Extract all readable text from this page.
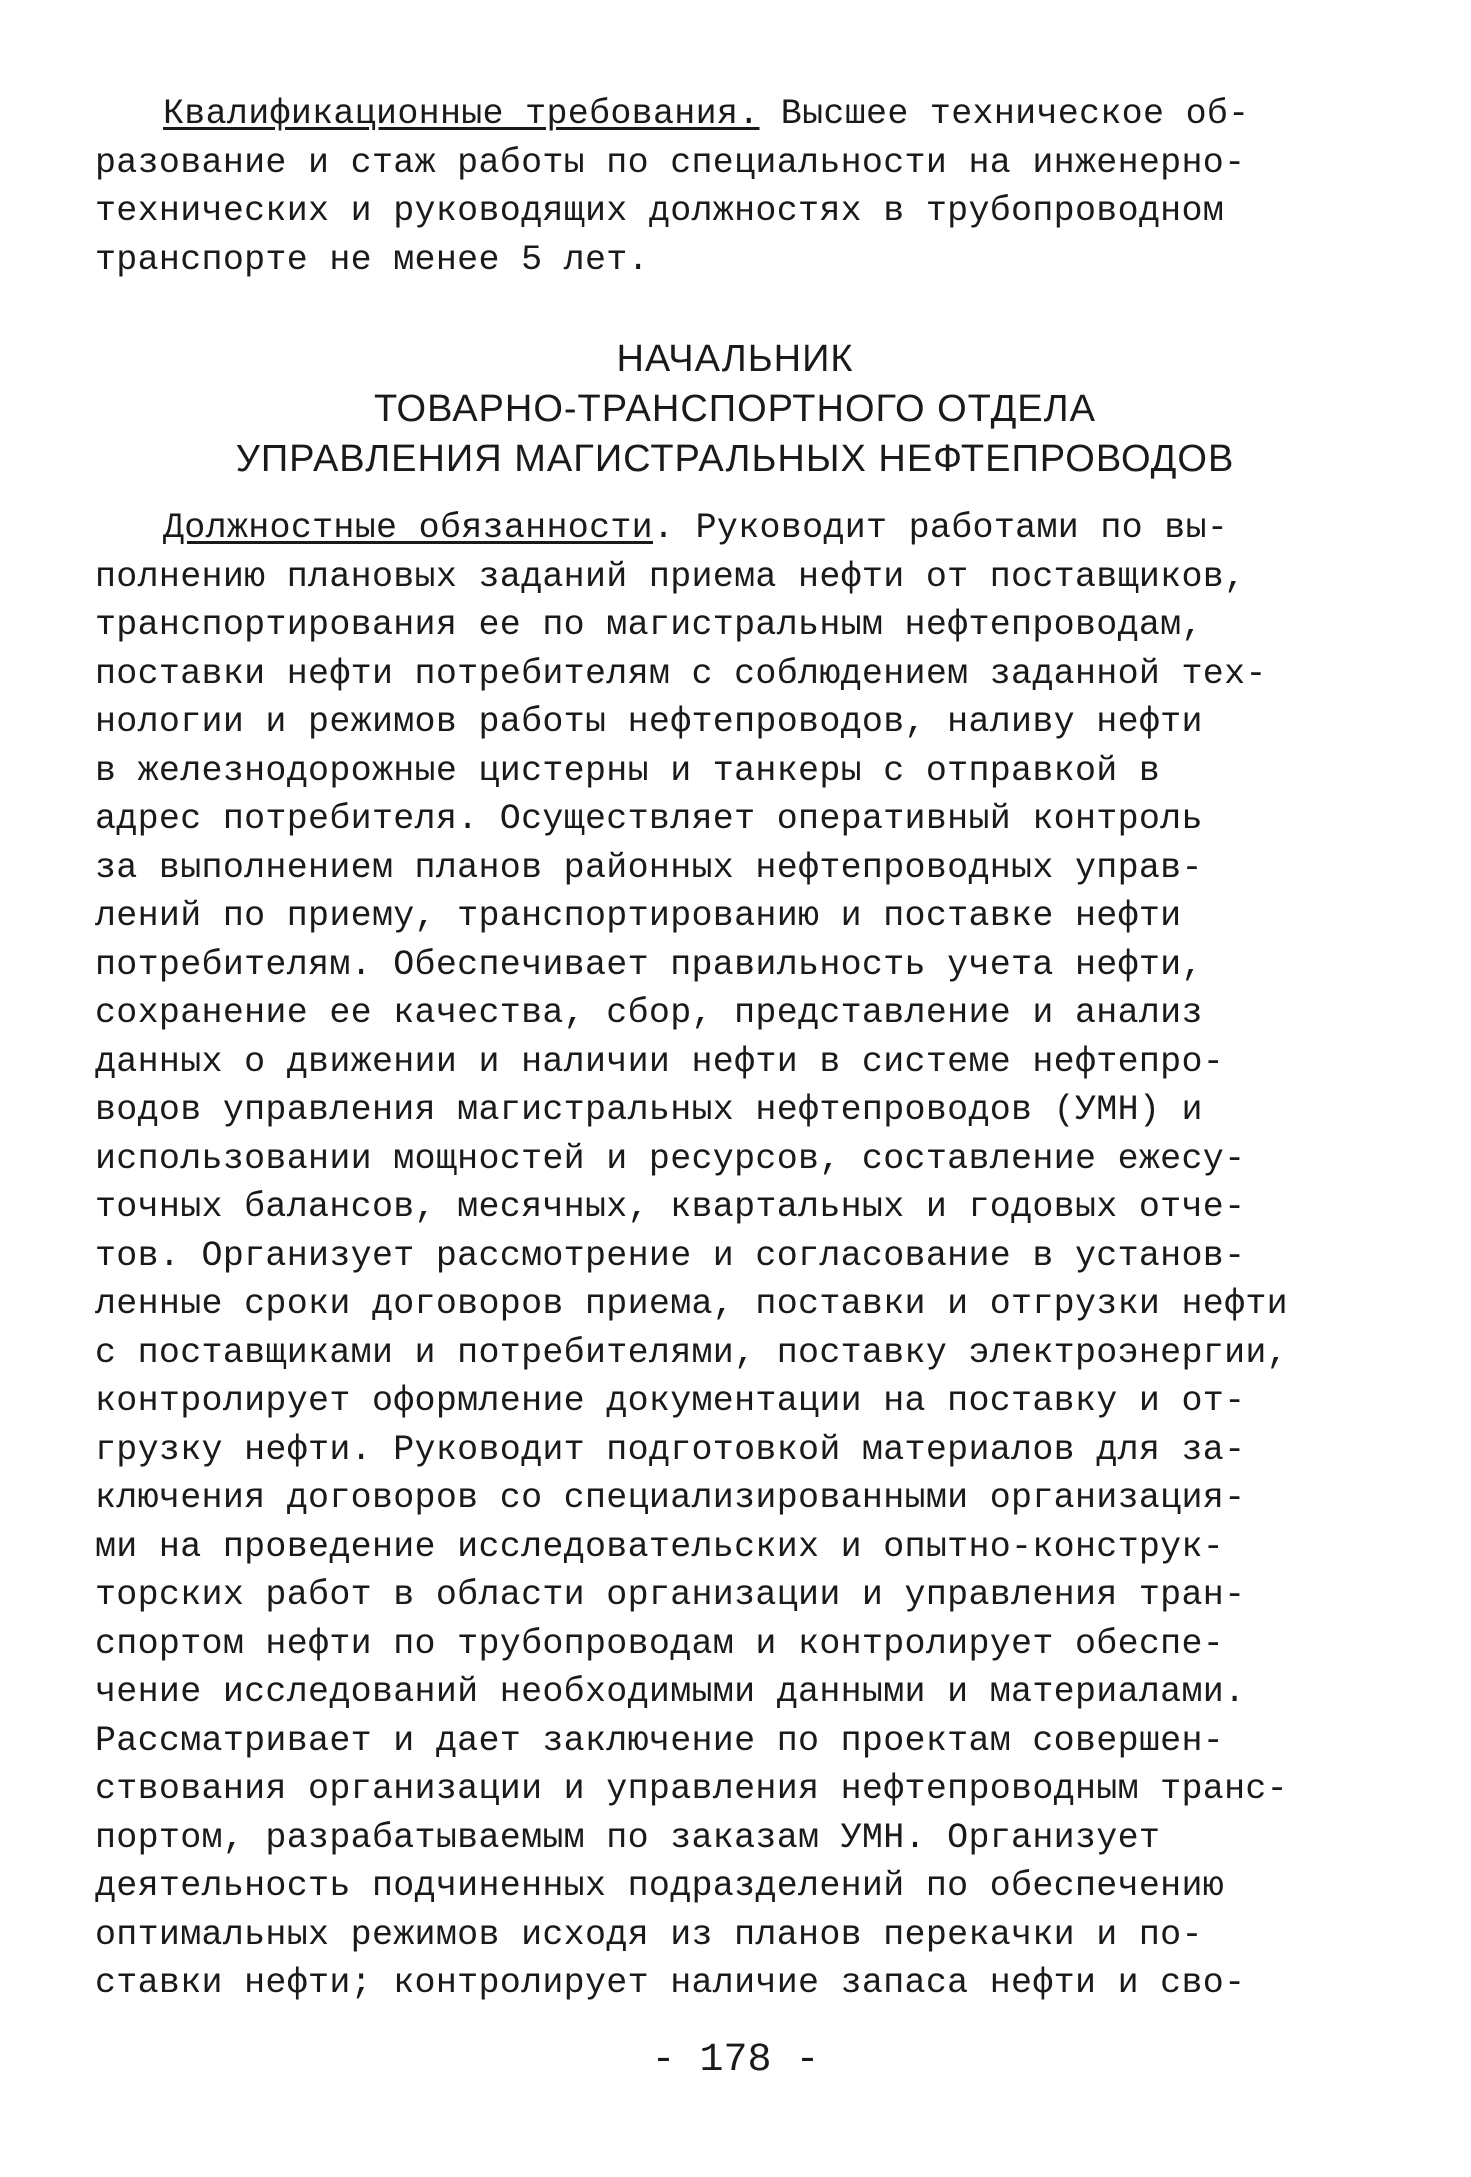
Квалификационные требования. Высшее техническое об-
разование и стаж работы по специальности на инженерно-
технических и руководящих должностях в трубопроводном
транспорте не менее 5 лет.
НАЧАЛЬНИК
ТОВАРНО-ТРАНСПОРТНОГО ОТДЕЛА
УПРАВЛЕНИЯ МАГИСТРАЛЬНЫХ НЕФТЕПРОВОДОВ
Должностные обязанности. Руководит работами по вы-
полнению плановых заданий приема нефти от поставщиков,
транспортирования ее по магистральным нефтепроводам,
поставки нефти потребителям с соблюдением заданной тех-
нологии и режимов работы нефтепроводов, наливу нефти
в железнодорожные цистерны и танкеры с отправкой в
адрес потребителя. Осуществляет оперативный контроль
за выполнением планов районных нефтепроводных управ-
лений по приему, транспортированию и поставке нефти
потребителям. Обеспечивает правильность учета нефти,
сохранение ее качества, сбор, представление и анализ
данных о движении и наличии нефти в системе нефтепро-
водов управления магистральных нефтепроводов (УМН) и
использовании мощностей и ресурсов, составление ежесу-
точных балансов, месячных, квартальных и годовых отче-
тов. Организует рассмотрение и согласование в установ-
ленные сроки договоров приема, поставки и отгрузки нефти
с поставщиками и потребителями, поставку электроэнергии,
контролирует оформление документации на поставку и от-
грузку нефти. Руководит подготовкой материалов для за-
ключения договоров со специализированными организация-
ми на проведение исследовательских и опытно-конструк-
торских работ в области организации и управления тран-
спортом нефти по трубопроводам и контролирует обеспе-
чение исследований необходимыми данными и материалами.
Рассматривает и дает заключение по проектам совершен-
ствования организации и управления нефтепроводным транс-
портом, разрабатываемым по заказам УМН. Организует
деятельность подчиненных подразделений по обеспечению
оптимальных режимов исходя из планов перекачки и по-
ставки нефти; контролирует наличие запаса нефти и сво-
- 178 -
